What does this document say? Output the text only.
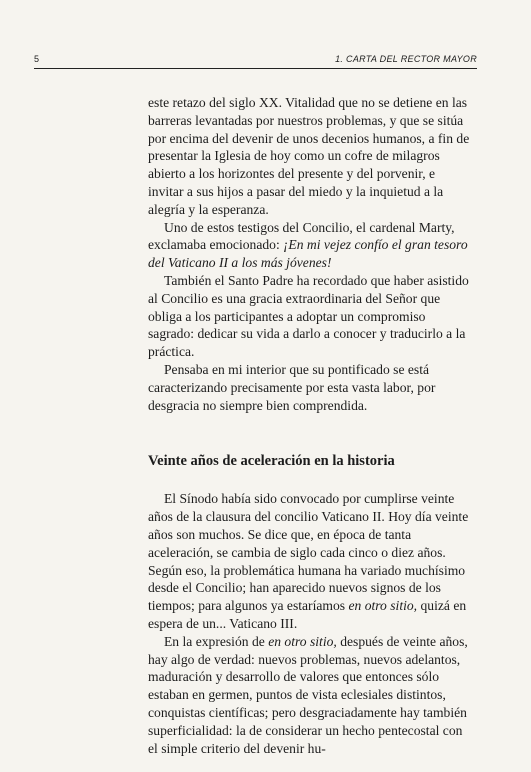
5	1. CARTA DEL RECTOR MAYOR

este retazo del siglo XX. Vitalidad que no se detiene en las barreras levantadas por nuestros problemas, y que se sitúa por encima del devenir de unos decenios humanos, a fin de presentar la Iglesia de hoy como un cofre de milagros abierto a los horizontes del presente y del porvenir, e invitar a sus hijos a pasar del miedo y la inquietud a la alegría y la esperanza.

Uno de estos testigos del Concilio, el cardenal Marty, exclamaba emocionado: ¡En mi vejez confío el gran tesoro del Vaticano II a los más jóvenes!

También el Santo Padre ha recordado que haber asistido al Concilio es una gracia extraordinaria del Señor que obliga a los participantes a adoptar un compromiso sagrado: dedicar su vida a darlo a conocer y traducirlo a la práctica.

Pensaba en mi interior que su pontificado se está caracterizando precisamente por esta vasta labor, por desgracia no siempre bien comprendida.

Veinte años de aceleración en la historia

El Sínodo había sido convocado por cumplirse veinte años de la clausura del concilio Vaticano II. Hoy día veinte años son muchos. Se dice que, en época de tanta aceleración, se cambia de siglo cada cinco o diez años. Según eso, la problemática humana ha variado muchísimo desde el Concilio; han aparecido nuevos signos de los tiempos; para algunos ya estaríamos en otro sitio, quizá en espera de un... Vaticano III.

En la expresión de en otro sitio, después de veinte años, hay algo de verdad: nuevos problemas, nuevos adelantos, maduración y desarrollo de valores que entonces sólo estaban en germen, puntos de vista eclesiales distintos, conquistas científicas; pero desgraciadamente hay también superficialidad: la de considerar un hecho pentecostal con el simple criterio del devenir hu-
